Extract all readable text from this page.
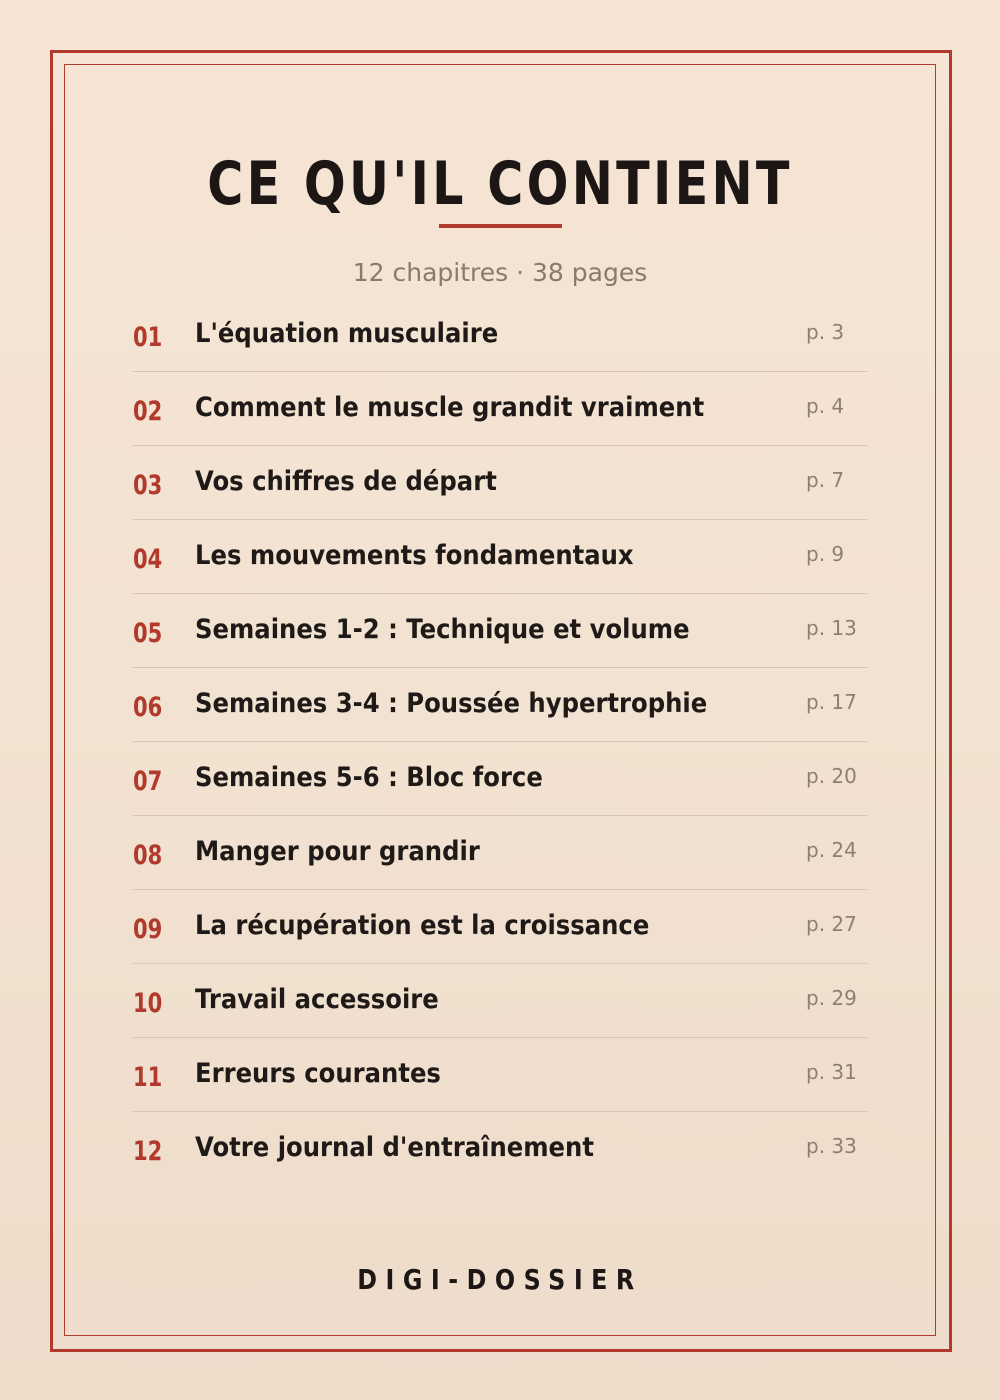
CE QU'IL CONTIENT
12 chapitres · 38 pages
01 L'équation musculaire	p. 3
02 Comment le muscle grandit vraiment	p. 4
03 Vos chiffres de départ	p. 7
04 Les mouvements fondamentaux	p. 9
05 Semaines 1-2 : Technique et volume	p. 13
06 Semaines 3-4 : Poussée hypertrophie	p. 17
07 Semaines 5-6 : Bloc force	p. 20
08 Manger pour grandir	p. 24
09 La récupération est la croissance	p. 27
10 Travail accessoire	p. 29
11 Erreurs courantes	p. 31
12 Votre journal d'entraînement	p. 33
DIGI-DOSSIER
